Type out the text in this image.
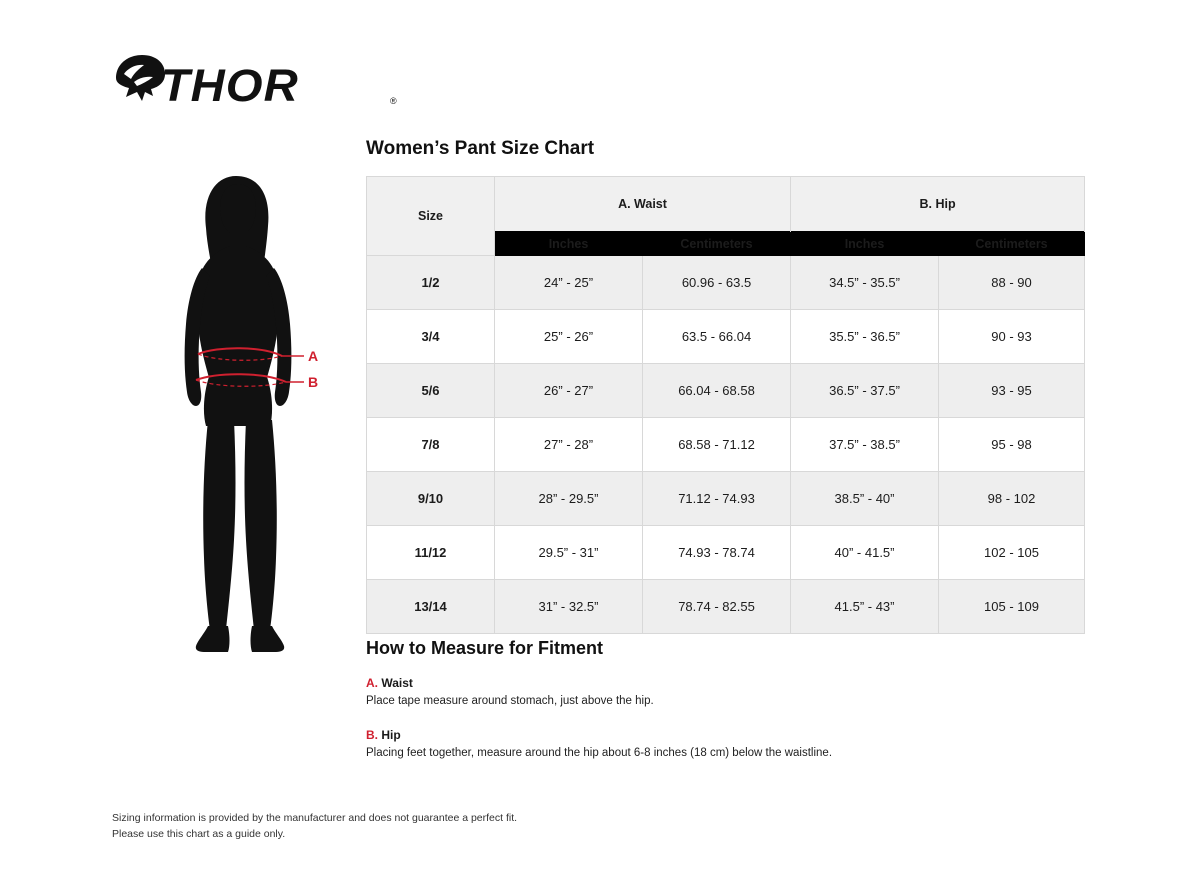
THOR	®
A
B
Women’s Pant Size Chart
Size	A. Waist		B. Hip	
	Inches	Centimeters	Inches	Centimeters
1/2	24” - 25”	60.96 - 63.5	34.5” - 35.5”	88 - 90
3/4	25” - 26”	63.5 - 66.04	35.5” - 36.5”	90 - 93
5/6	26” - 27”	66.04 - 68.58	36.5” - 37.5”	93 - 95
7/8	27” - 28”	68.58 - 71.12	37.5” - 38.5”	95 - 98
9/10	28” - 29.5”	71.12 - 74.93	38.5” - 40”	98 - 102
11/12	29.5” - 31”	74.93 - 78.74	40” - 41.5”	102 - 105
13/14	31” - 32.5”	78.74 - 82.55	41.5” - 43”	105 - 109
How to Measure for Fitment
A. Waist
Place tape measure around stomach, just above the hip.
B. Hip
Placing feet together, measure around the hip about 6-8 inches (18 cm) below the waistline.
Sizing information is provided by the manufacturer and does not guarantee a perfect fit.
Please use this chart as a guide only.
